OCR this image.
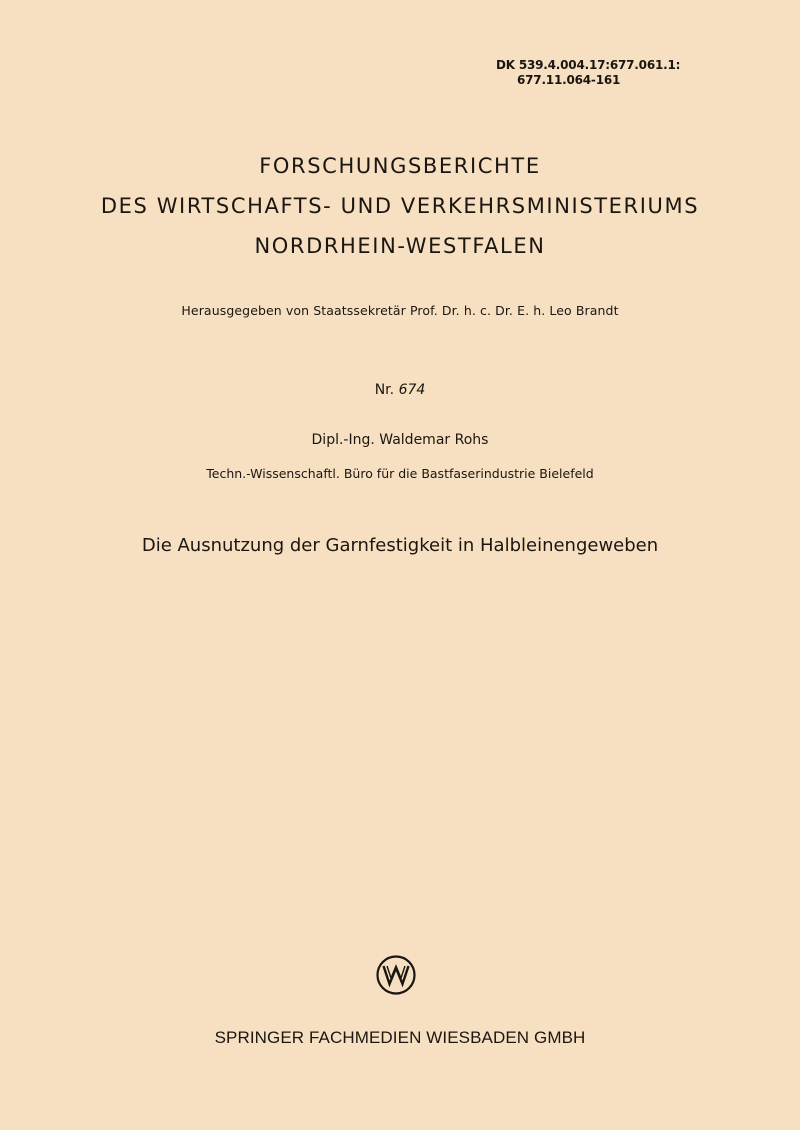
DK 539.4.004.17:677.061.1:
677.11.064-161
FORSCHUNGSBERICHTE
DES WIRTSCHAFTS- UND VERKEHRSMINISTERIUMS
NORDRHEIN-WESTFALEN
Herausgegeben von Staatssekretär Prof. Dr. h. c. Dr. E. h. Leo Brandt
Nr. 674
Dipl.-Ing. Waldemar Rohs
Techn.-Wissenschaftl. Büro für die Bastfaserindustrie Bielefeld
Die Ausnutzung der Garnfestigkeit in Halbleinengeweben
SPRINGER FACHMEDIEN WIESBADEN GMBH
